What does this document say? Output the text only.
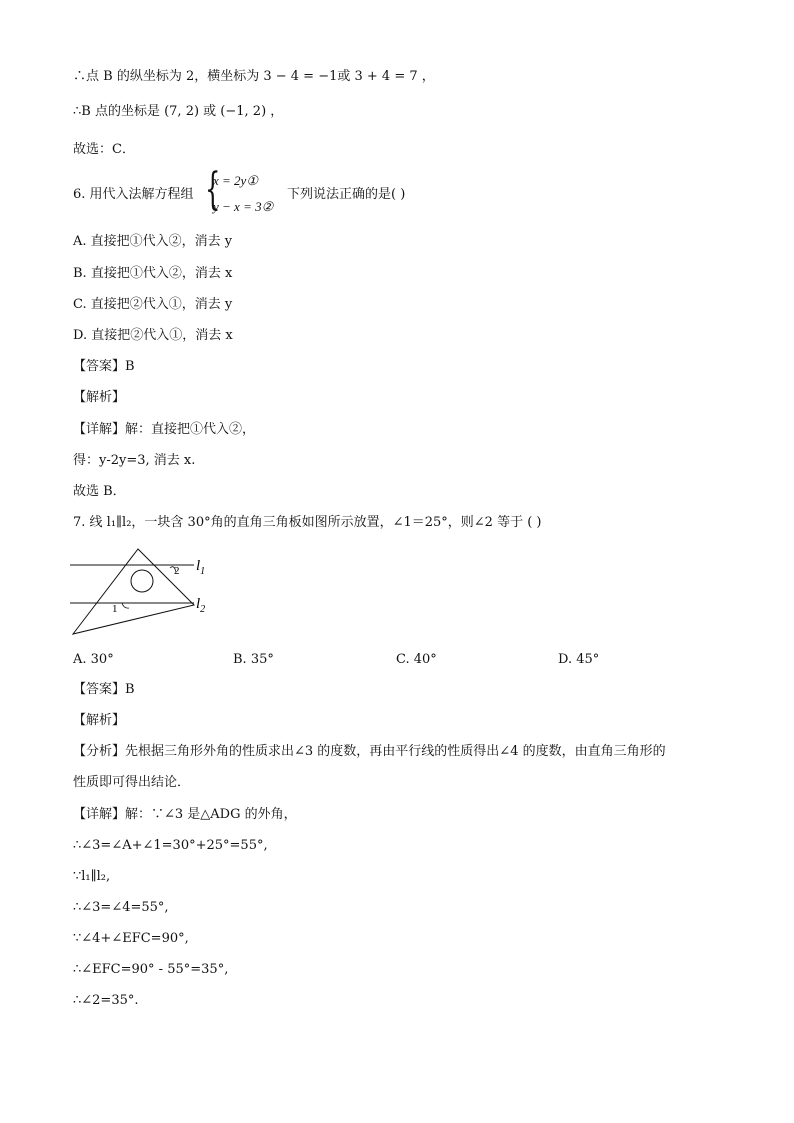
∴点 B 的纵坐标为 2，横坐标为 3 − 4 = −1或 3 + 4 = 7 ，
∴B 点的坐标是 (7, 2) 或 (−1, 2) ，
故选：C．
6. 用代入法解方程组 {
x = 2y①
y − x = 3②
下列说法正确的是( )
A. 直接把①代入②，消去 y
B. 直接把①代入②，消去 x
C. 直接把②代入①，消去 y
D. 直接把②代入①，消去 x
【答案】B
【解析】
【详解】解：直接把①代入②，
得：y-2y=3, 消去 x.
故选 B．
7. 线 l₁∥l₂，一块含 30°角的直角三角板如图所示放置，∠1＝25°，则∠2 等于 ( )
2
1
$l_1$
$l_2$
A. 30°	B. 35°	C. 40°	D. 45°
【答案】B
【解析】
【分析】先根据三角形外角的性质求出∠3 的度数，再由平行线的性质得出∠4 的度数，由直角三角形的
性质即可得出结论．
【详解】解：∵∠3 是△ADG 的外角，
∴∠3=∠A+∠1=30°+25°=55°,
∵l₁∥l₂,
∴∠3=∠4=55°,
∵∠4+∠EFC=90°,
∴∠EFC=90° - 55°=35°,
∴∠2=35°.
